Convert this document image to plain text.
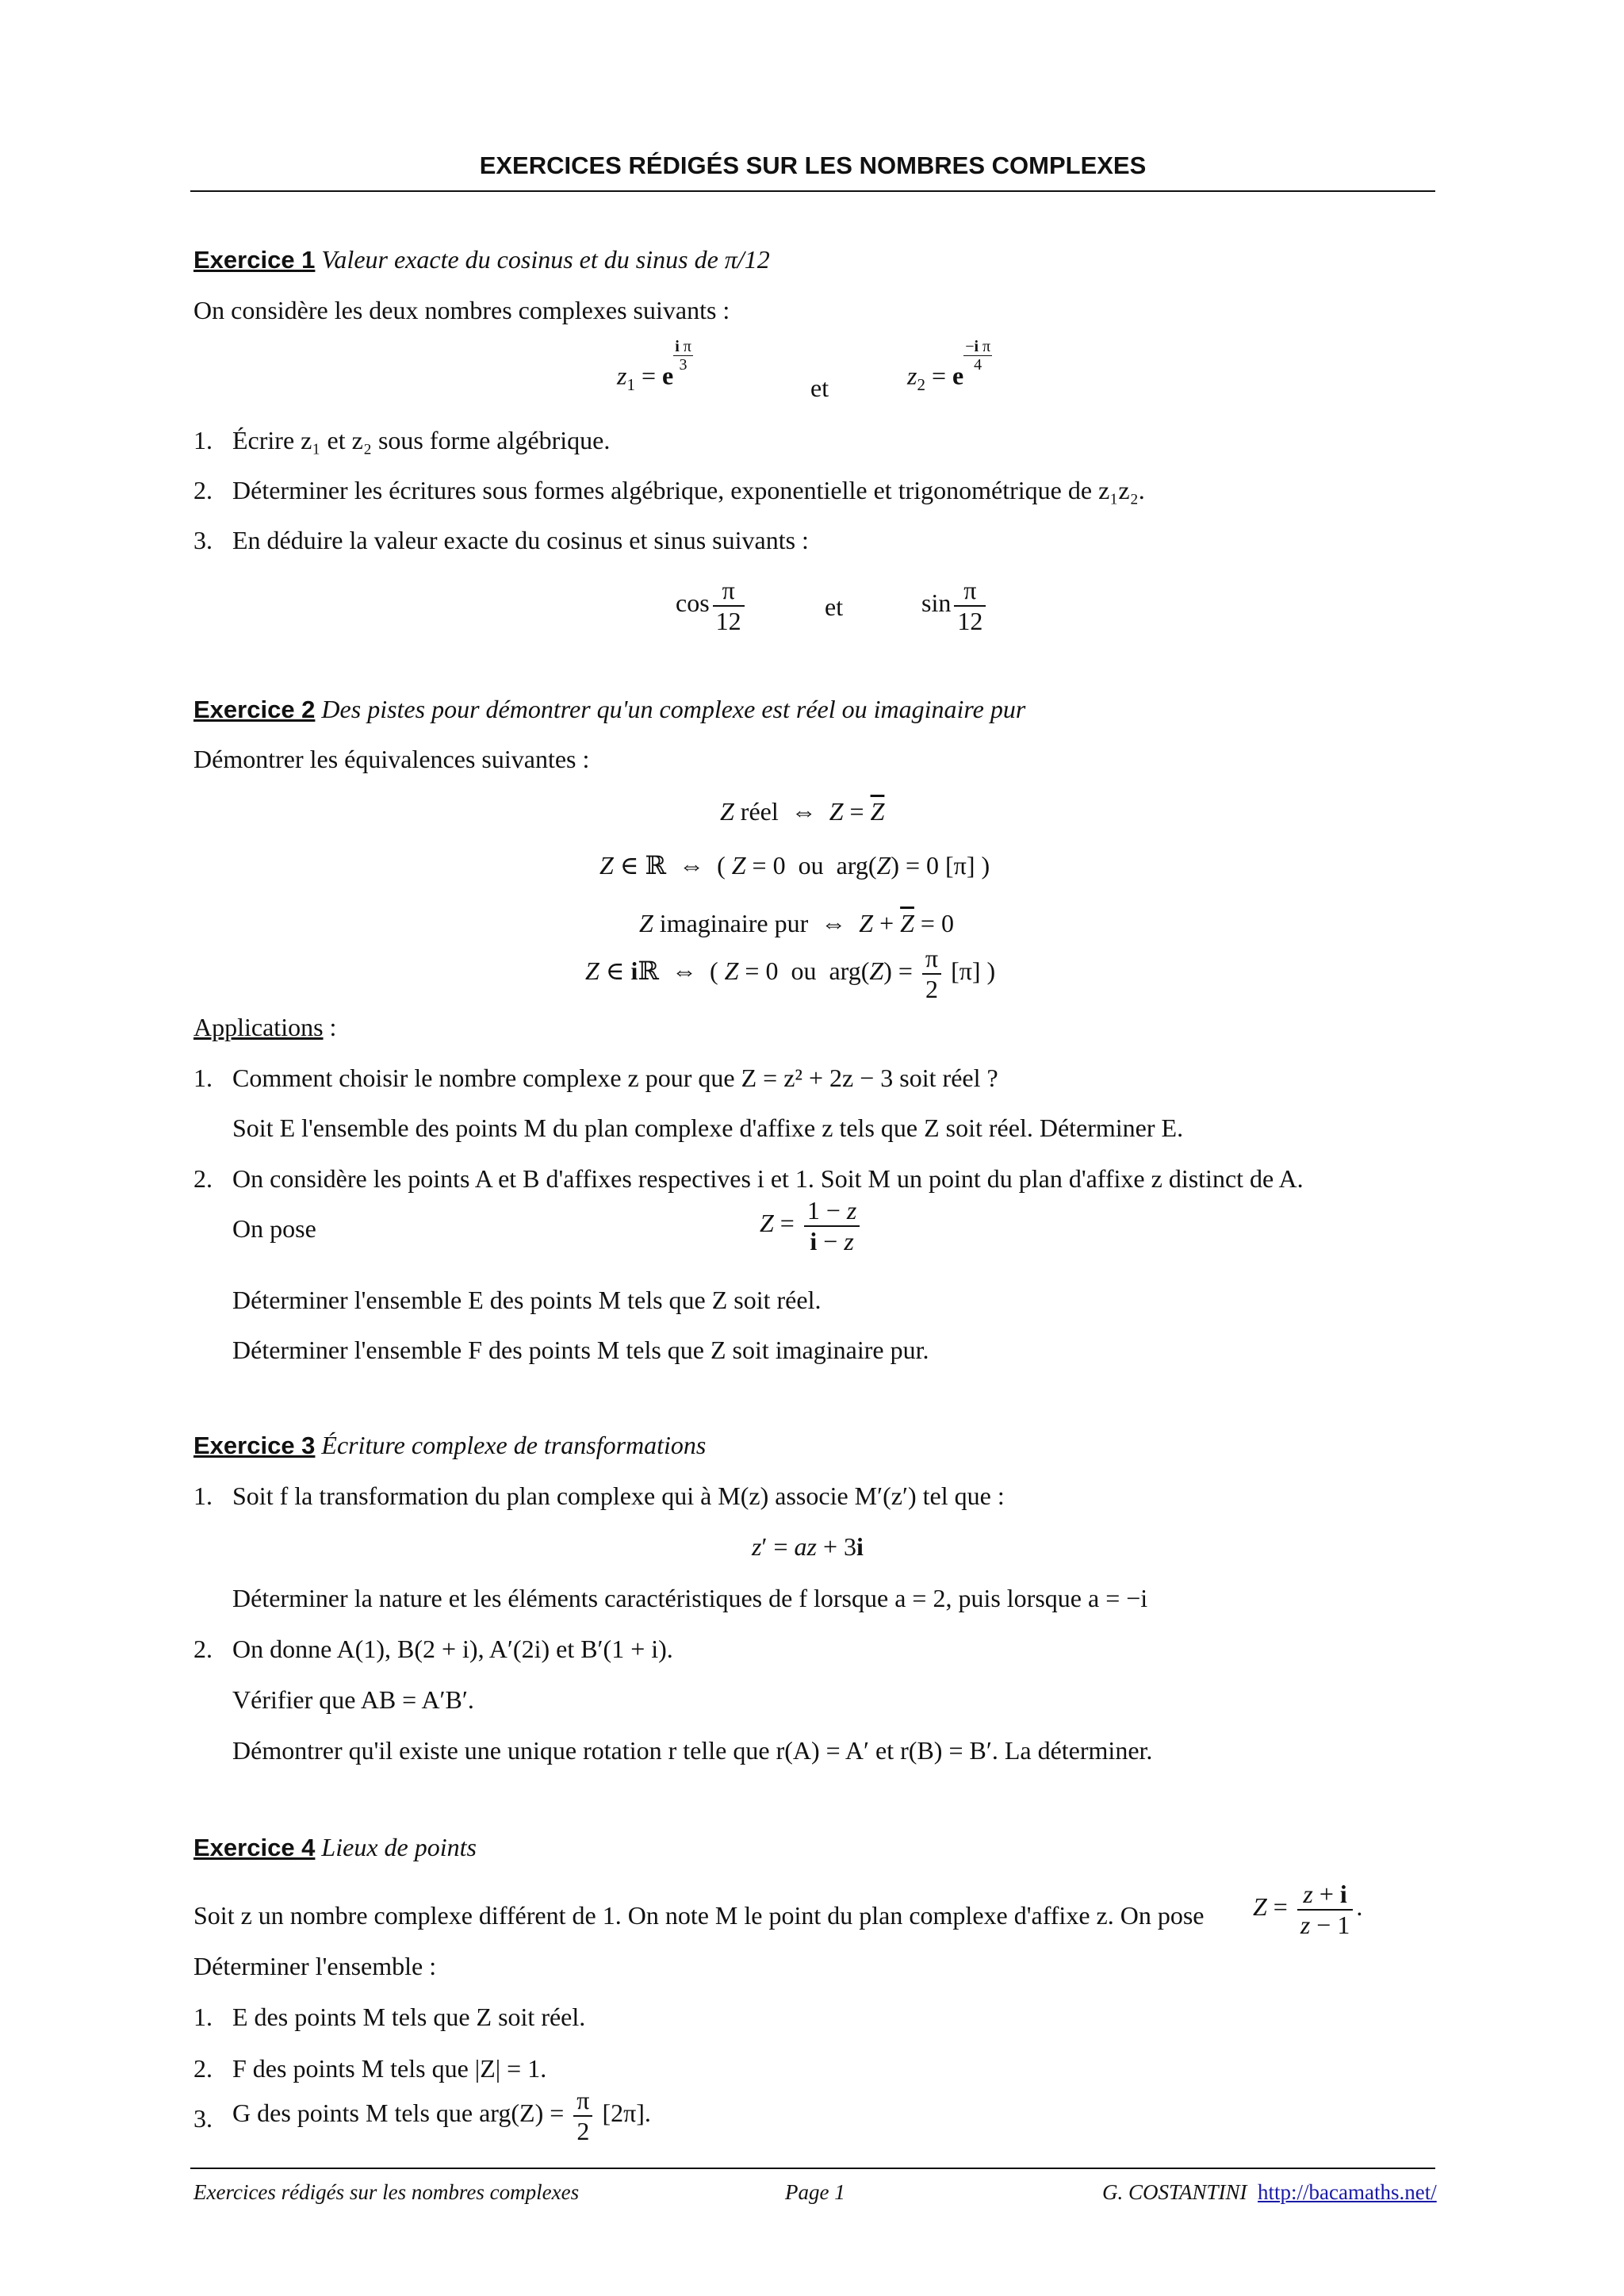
EXERCICES RÉDIGÉS SUR LES NOMBRES COMPLEXES
Exercice 1 Valeur exacte du cosinus et du sinus de π/12
On considère les deux nombres complexes suivants :
$z_1 = e$
$\frac{\text{i π}}{3}$
et	$z_2 = e$
$\frac{\text{−i π}}{4}$
1. Écrire z₁ et z₂ sous forme algébrique.
2. Déterminer les écritures sous formes algébrique, exponentielle et trigonométrique de z₁z₂.
3. En déduire la valeur exacte du cosinus et sinus suivants :
$\cos \frac{\pi}{12}$	et	$\sin \frac{\pi}{12}$
Exercice 2 Des pistes pour démontrer qu'un complexe est réel ou imaginaire pur
Démontrer les équivalences suivantes :
Z réel  ⇔  $Z = \overline{Z}$
Z ∈ ℝ  ⇔  ( Z = 0  ou  arg(Z) = 0 [π] )
Z imaginaire pur  ⇔  $Z + \overline{Z} = 0$
Z ∈ iℝ  ⇔  ( Z = 0  ou  $arg(Z) = \frac{\pi}{2} [\pi]$ )
Applications :
1. Comment choisir le nombre complexe z pour que Z = z² + 2z − 3 soit réel ?
Soit E l'ensemble des points M du plan complexe d'affixe z tels que Z soit réel. Déterminer E.
2. On considère les points A et B d'affixes respectives i et 1. Soit M un point du plan d'affixe z distinct de A.
On pose	$Z = \frac{1 - z}{i - z}$
Déterminer l'ensemble E des points M tels que Z soit réel.
Déterminer l'ensemble F des points M tels que Z soit imaginaire pur.
Exercice 3 Écriture complexe de transformations
1. Soit f la transformation du plan complexe qui à M(z) associe M′(z′) tel que :
z′ = az + 3i
Déterminer la nature et les éléments caractéristiques de f lorsque a = 2, puis lorsque a = −i
2. On donne A(1), B(2 + i), A′(2i) et B′(1 + i).
Vérifier que AB = A′B′.
Démontrer qu'il existe une unique rotation r telle que r(A) = A′ et r(B) = B′. La déterminer.
Exercice 4 Lieux de points
Soit z un nombre complexe différent de 1. On note M le point du plan complexe d'affixe z. On pose $Z = \frac{z + i}{z - 1}$ .
Déterminer l'ensemble :
1. E des points M tels que Z soit réel.
2. F des points M tels que |Z| = 1.
3. G des points M tels que $arg(Z) = \frac{\pi}{2} [2\pi]$.
Exercices rédigés sur les nombres complexes	Page 1	G. COSTANTINI http://bacamaths.net/
